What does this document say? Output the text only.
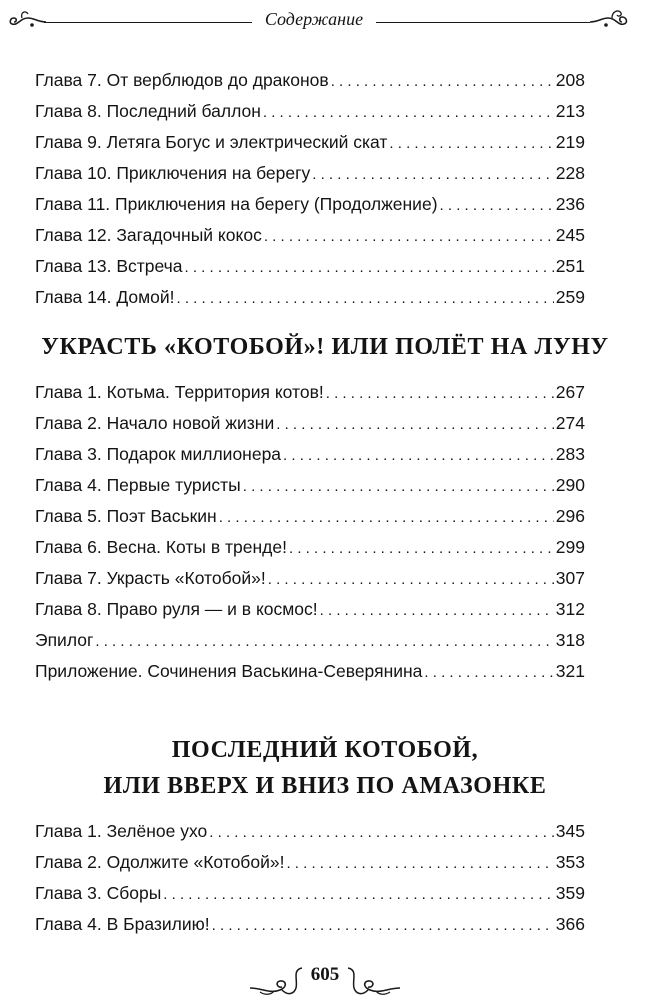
Содержание
Глава 7. От верблюдов до драконов . . .	208
Глава 8. Последний баллон . . .	213
Глава 9. Летяга Богус и электрический скат . . .	219
Глава 10. Приключения на берегу . . .	228
Глава 11. Приключения на берегу (Продолжение) . . .	236
Глава 12. Загадочный кокос . . .	245
Глава 13. Встреча . . .	251
Глава 14. Домой! . . .	259
УКРАСТЬ «КОТОБОЙ»! ИЛИ ПОЛЁТ НА ЛУНУ
Глава 1. Котьма. Территория котов! . . .	267
Глава 2. Начало новой жизни . . .	274
Глава 3. Подарок миллионера . . .	283
Глава 4. Первые туристы . . .	290
Глава 5. Поэт Васькин . . .	296
Глава 6. Весна. Коты в тренде! . . .	299
Глава 7. Украсть «Котобой»! . . .	307
Глава 8. Право руля — и в космос! . . .	312
Эпилог . . .	318
Приложение. Сочинения Васькина-Северянина . . .	321
ПОСЛЕДНИЙ КОТОБОЙ,
ИЛИ ВВЕРХ И ВНИЗ ПО АМАЗОНКЕ
Глава 1. Зелёное ухо . . .	345
Глава 2. Одолжите «Котобой»! . . .	353
Глава 3. Сборы . . .	359
Глава 4. В Бразилию! . . .	366
605
